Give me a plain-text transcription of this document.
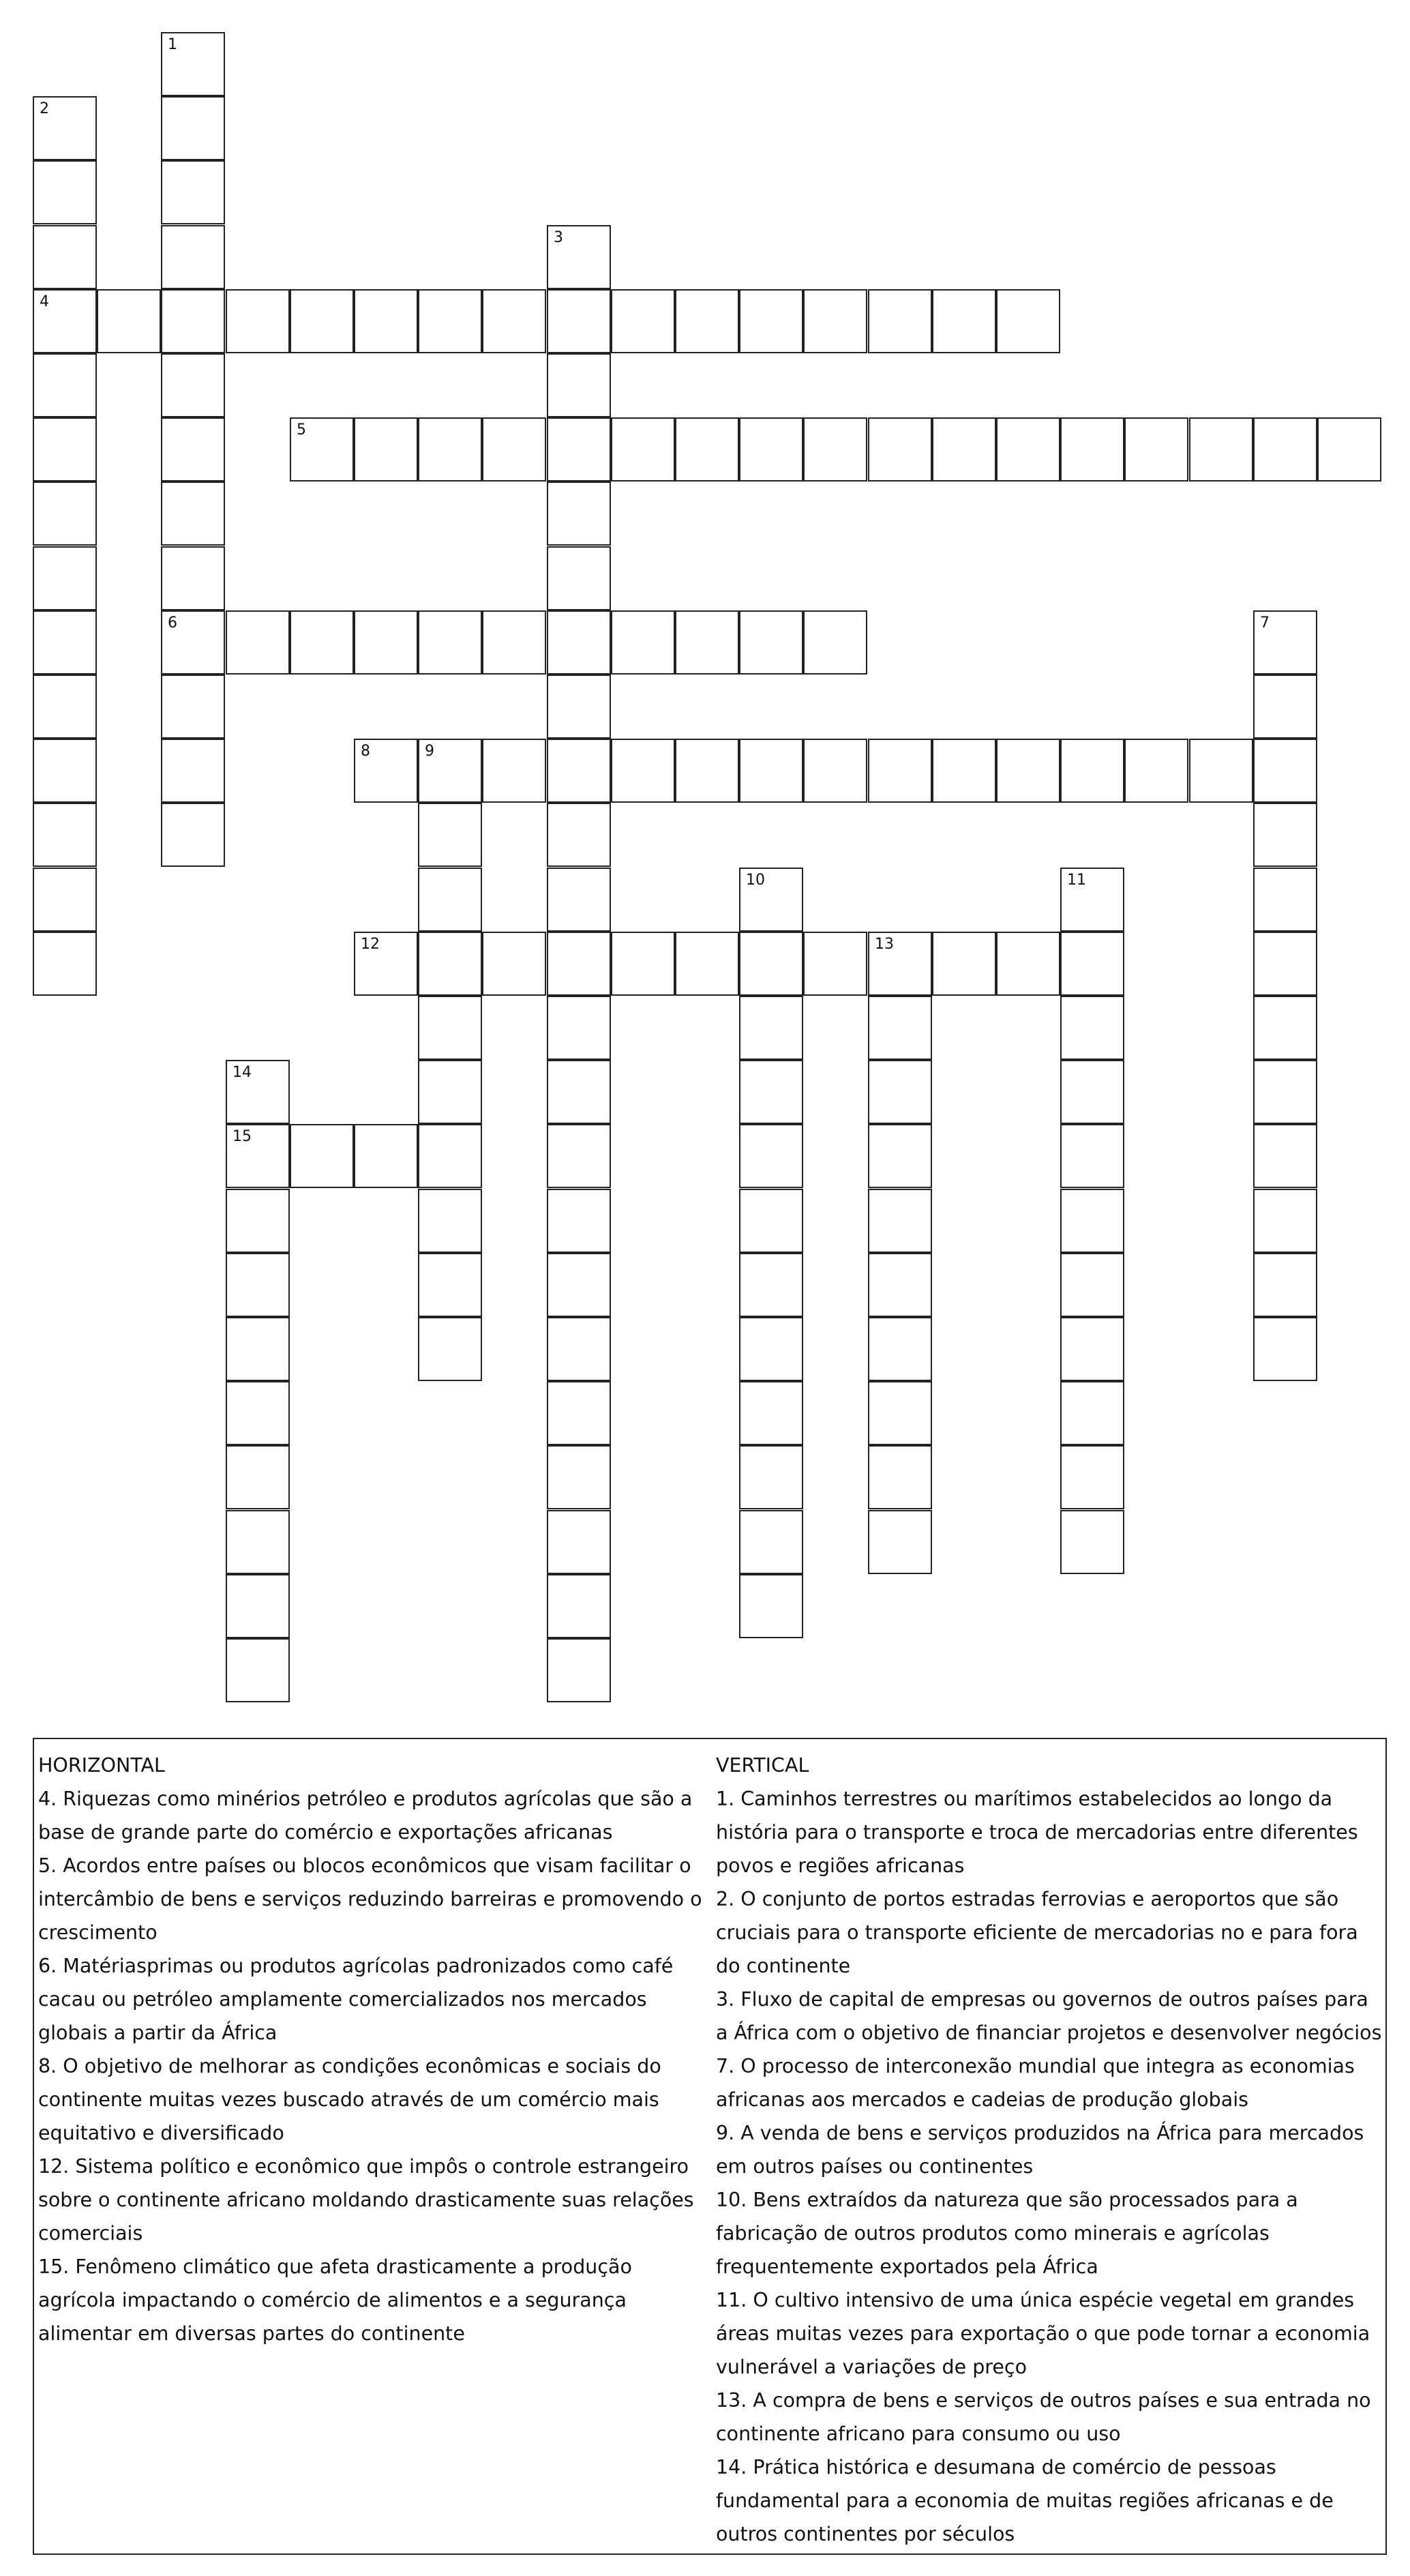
1
6
2
4
3
5
7
8	9
10	11
12	13
14
15
HORIZONTAL
4. Riquezas como minérios petróleo e produtos agrícolas que são a base de grande parte do comércio e exportações africanas
5. Acordos entre países ou blocos econômicos que visam facilitar o intercâmbio de bens e serviços reduzindo barreiras e promovendo o crescimento
6. Matériasprimas ou produtos agrícolas padronizados como café cacau ou petróleo amplamente comercializados nos mercados globais a partir da África
8. O objetivo de melhorar as condições econômicas e sociais do continente muitas vezes buscado através de um comércio mais equitativo e diversificado
12. Sistema político e econômico que impôs o controle estrangeiro sobre o continente africano moldando drasticamente suas relações comerciais
15. Fenômeno climático que afeta drasticamente a produção agrícola impactando o comércio de alimentos e a segurança alimentar em diversas partes do continente
VERTICAL
1. Caminhos terrestres ou marítimos estabelecidos ao longo da história para o transporte e troca de mercadorias entre diferentes povos e regiões africanas
2. O conjunto de portos estradas ferrovias e aeroportos que são cruciais para o transporte eficiente de mercadorias no e para fora do continente
3. Fluxo de capital de empresas ou governos de outros países para a África com o objetivo de financiar projetos e desenvolver negócios
7. O processo de interconexão mundial que integra as economias africanas aos mercados e cadeias de produção globais
9. A venda de bens e serviços produzidos na África para mercados em outros países ou continentes
10. Bens extraídos da natureza que são processados para a fabricação de outros produtos como minerais e agrícolas frequentemente exportados pela África
11. O cultivo intensivo de uma única espécie vegetal em grandes áreas muitas vezes para exportação o que pode tornar a economia vulnerável a variações de preço
13. A compra de bens e serviços de outros países e sua entrada no continente africano para consumo ou uso
14. Prática histórica e desumana de comércio de pessoas fundamental para a economia de muitas regiões africanas e de outros continentes por séculos
